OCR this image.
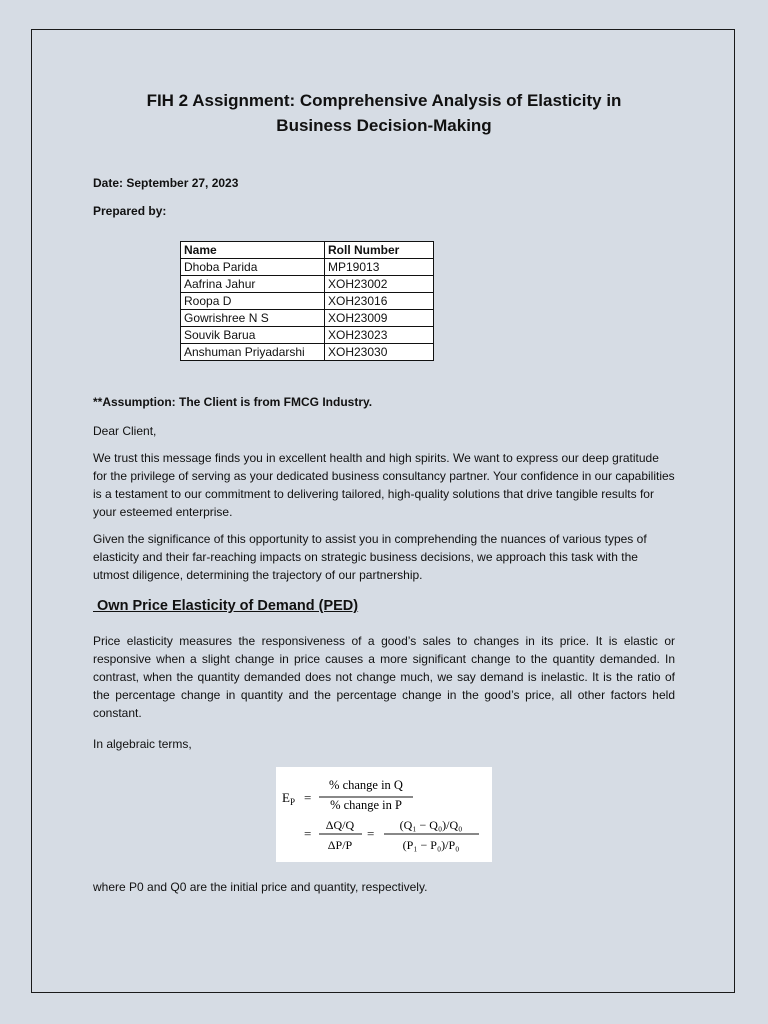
FIH 2 Assignment: Comprehensive Analysis of Elasticity in
Business Decision-Making
Date: September 27, 2023
Prepared by:
Name	Roll Number
Dhoba Parida	MP19013
Aafrina Jahur	XOH23002
Roopa D	XOH23016
Gowrishree N S	XOH23009
Souvik Barua	XOH23023
Anshuman Priyadarshi	XOH23030
**Assumption: The Client is from FMCG Industry.
Dear Client,
We trust this message finds you in excellent health and high spirits. We want to express our deep gratitude for the privilege of serving as your dedicated business consultancy partner. Your confidence in our capabilities is a testament to our commitment to delivering tailored, high-quality solutions that drive tangible results for your esteemed enterprise.
Given the significance of this opportunity to assist you in comprehending the nuances of various types of elasticity and their far-reaching impacts on strategic business decisions, we approach this task with the utmost diligence, determining the trajectory of our partnership.
Own Price Elasticity of Demand (PED)
Price elasticity measures the responsiveness of a good’s sales to changes in its price. It is elastic or responsive when a slight change in price causes a more significant change to the quantity demanded. In contrast, when the quantity demanded does not change much, we say demand is inelastic. It is the ratio of the percentage change in quantity and the percentage change in the good’s price, all other factors held constant.
In algebraic terms,
E P =
% change in Q
% change in P
=
ΔQ/Q
ΔP/P
=
(Q₁ − Q₀)/Q₀
(P₁ − P₀)/P₀
where P0 and Q0 are the initial price and quantity, respectively.
